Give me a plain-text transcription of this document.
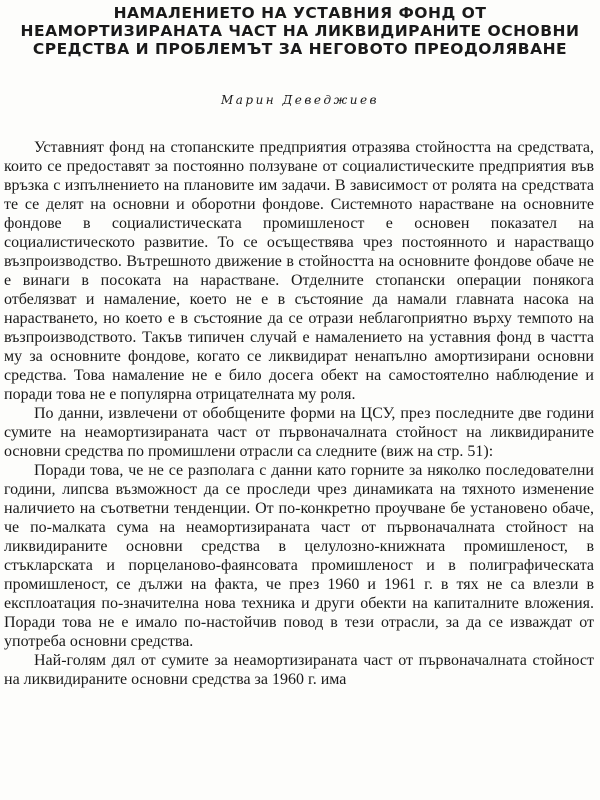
НАМАЛЕНИЕТО НА УСТАВНИЯ ФОНД ОТ НЕАМОРТИЗИРАНАТА ЧАСТ НА ЛИКВИДИРАНИТЕ ОСНОВНИ СРЕДСТВА И ПРОБЛЕМЪТ ЗА НЕГОВОТО ПРЕОДОЛЯВАНЕ
Марин Деведжиев

Уставният фонд на стопанските предприятия отразява стойността на средствата, които се предоставят за постоянно ползуване от социалистическите предприятия във връзка с изпълнението на плановите им задачи. В зависимост от ролята на средствата те се делят на основни и оборотни фондове. Системното нарастване на основните фондове в социалистическата промишленост е основен показател на социалистическото развитие. То се осъществява чрез постоянното и нарастващо възпроизводство. Вътрешното движение в стойността на основните фондове обаче не е винаги в посоката на нарастване. Отделните стопански операции понякога отбелязват и намаление, което не е в състояние да намали главната насока на нарастването, но което е в състояние да се отрази неблагоприятно върху темпото на възпроизводството. Такъв типичен случай е намалението на уставния фонд в частта му за основните фондове, когато се ликвидират ненапълно амортизирани основни средства. Това намаление не е било досега обект на самостоятелно наблюдение и поради това не е популярна отрицателната му роля.

По данни, извлечени от обобщените форми на ЦСУ, през последните две години сумите на неамортизираната част от първоначалната стойност на ликвидираните основни средства по промишлени отрасли са следните (виж на стр. 51):

Поради това, че не се разполага с данни като горните за няколко последователни години, липсва възможност да се проследи чрез динамиката на тяхното изменение наличието на съответни тенденции. От по-конкретно проучване бе установено обаче, че по-малката сума на неамортизираната част от първоначалната стойност на ликвидираните основни средства в целулозно-книжната промишленост, в стъкларската и порцеланово-фаянсовата промишленост и в полиграфическата промишленост, се дължи на факта, че през 1960 и 1961 г. в тях не са влезли в експлоатация по-значителна нова техника и други обекти на капиталните вложения. Поради това не е имало по-настойчив повод в тези отрасли, за да се изваждат от употреба основни средства.

Най-голям дял от сумите за неамортизираната част от първоначалната стойност на ликвидираните основни средства за 1960 г. има
